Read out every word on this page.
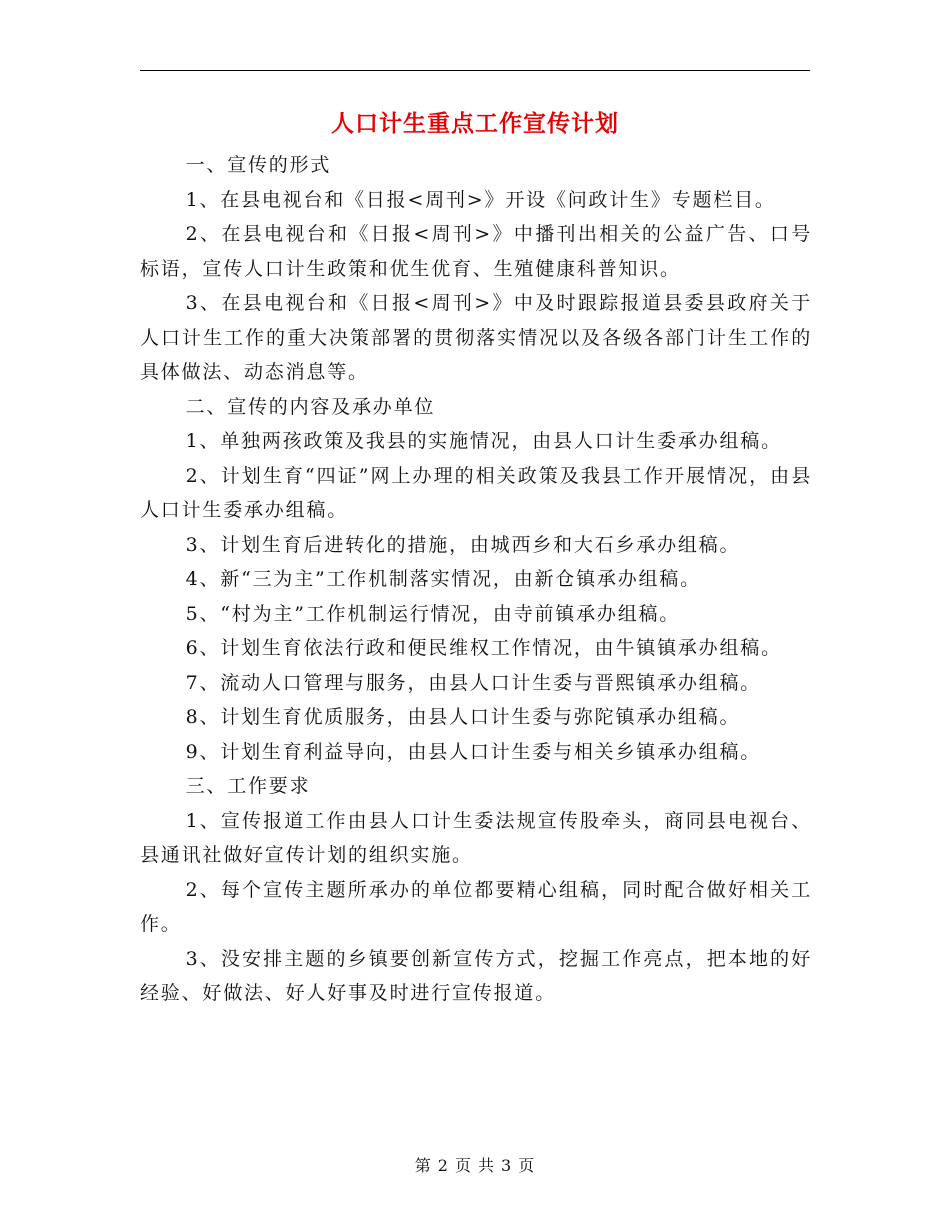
人口计生重点工作宣传计划

一、宣传的形式

1、在县电视台和《日报<周刊>》开设《问政计生》专题栏目。

2、在县电视台和《日报<周刊>》中播刊出相关的公益广告、口号标语，宣传人口计生政策和优生优育、生殖健康科普知识。

3、在县电视台和《日报<周刊>》中及时跟踪报道县委县政府关于人口计生工作的重大决策部署的贯彻落实情况以及各级各部门计生工作的具体做法、动态消息等。

二、宣传的内容及承办单位

1、单独两孩政策及我县的实施情况，由县人口计生委承办组稿。

2、计划生育“四证”网上办理的相关政策及我县工作开展情况，由县人口计生委承办组稿。

3、计划生育后进转化的措施，由城西乡和大石乡承办组稿。

4、新“三为主”工作机制落实情况，由新仓镇承办组稿。

5、“村为主”工作机制运行情况，由寺前镇承办组稿。

6、计划生育依法行政和便民维权工作情况，由牛镇镇承办组稿。

7、流动人口管理与服务，由县人口计生委与晋熙镇承办组稿。

8、计划生育优质服务，由县人口计生委与弥陀镇承办组稿。

9、计划生育利益导向，由县人口计生委与相关乡镇承办组稿。

三、工作要求

1、宣传报道工作由县人口计生委法规宣传股牵头，商同县电视台、县通讯社做好宣传计划的组织实施。

2、每个宣传主题所承办的单位都要精心组稿，同时配合做好相关工作。

3、没安排主题的乡镇要创新宣传方式，挖掘工作亮点，把本地的好经验、好做法、好人好事及时进行宣传报道。

第 2 页 共 3 页
